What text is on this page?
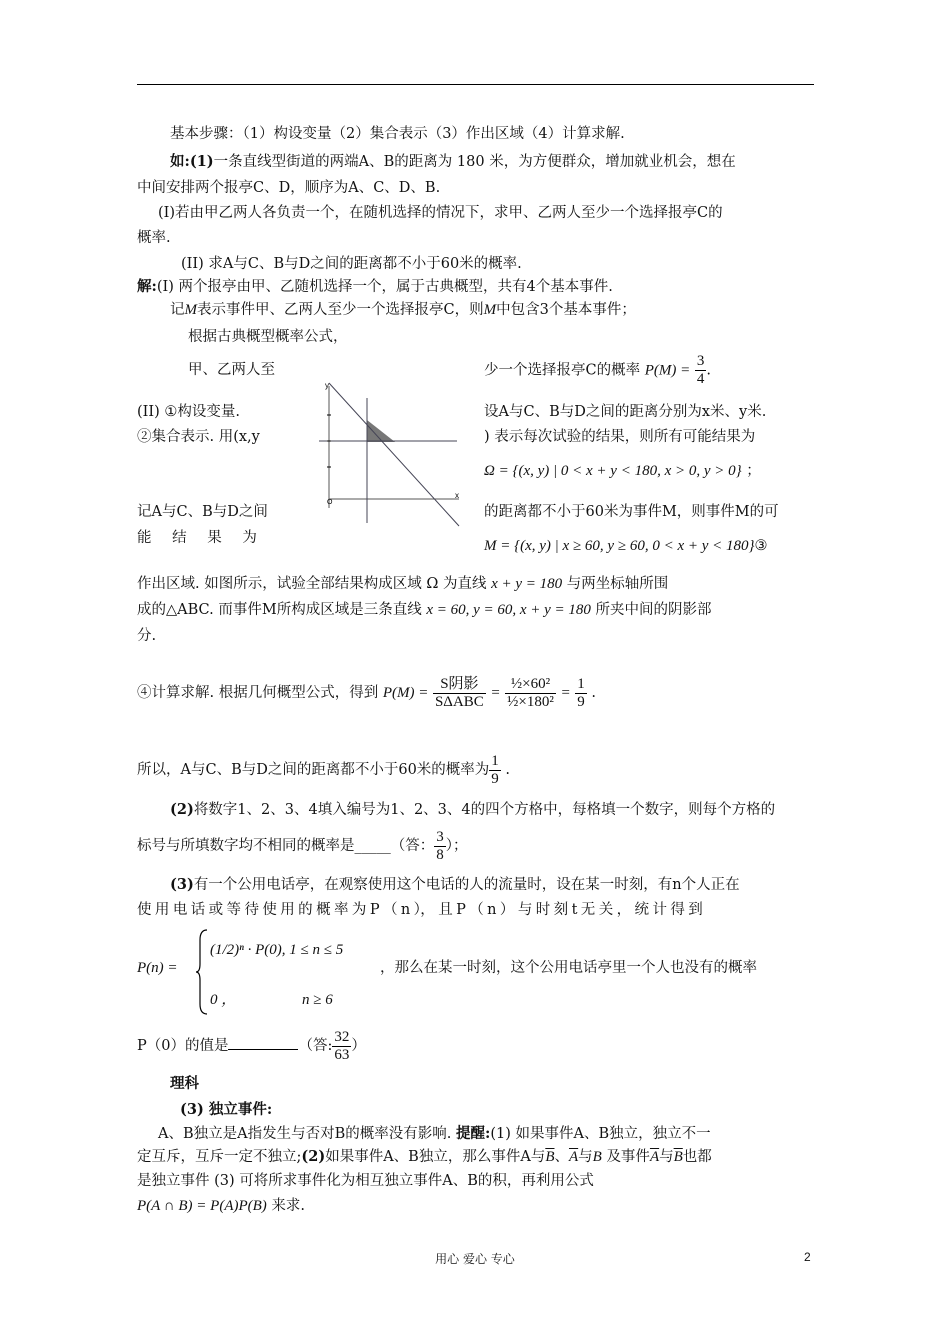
基本步骤：（1）构设变量（2）集合表示（3）作出区域（4）计算求解.
如:(1)一条直线型街道的两端A、B的距离为 180 米，为方便群众，增加就业机会，想在
中间安排两个报亭C、D，顺序为A、C、D、B.
(I)若由甲乙两人各负责一个，在随机选择的情况下，求甲、乙两人至少一个选择报亭C的
概率.
(II) 求A与C、B与D之间的距离都不小于60米的概率.
解:(I) 两个报亭由甲、乙随机选择一个，属于古典概型，共有4个基本事件.
记M表示事件甲、乙两人至少一个选择报亭C，则M中包含3个基本事件；
根据古典概型概率公式，
甲、乙两人至	少一个选择报亭C的概率 $P(M) = \frac{3}{4}$ .
y
x
O
(II) ①构设变量.	设A与C、B与D之间的距离分别为x米、y米.
②集合表示. 用(x,y	) 表示每次试验的结果，则所有可能结果为
Ω = {(x, y) | 0 < x + y < 180, x > 0, y > 0} ；
记A与C、B与D之间	的距离都不小于60米为事件M，则事件M的可
能 结 果 为	M = {(x, y) | x ≥ 60, y ≥ 60, 0 < x + y < 180}③
作出区域. 如图所示，试验全部结果构成区域 Ω 为直线 x + y = 180 与两坐标轴所围
成的△ABC. 而事件M所构成区域是三条直线 x = 60, y = 60, x + y = 180 所夹中间的阴影部
分.
④计算求解. 根据几何概型公式，得到 $P(M) = \frac{\text{S阴影}}{\text{SΔABC}} = \frac{\text{½×60²}}{\text{½×180²}} = \frac{1}{9}$ .
所以，A与C、B与D之间的距离都不小于60米的概率为 $\frac{1}{9}$ .
(2)将数字1、2、3、4填入编号为1、2、3、4的四个方格中，每格填一个数字，则每个方格的
标号与所填数字均不相同的概率是_____（答： $\frac{3}{8}$ ）；
(3)有一个公用电话亭，在观察使用这个电话的人的流量时，设在某一时刻，有n个人正在
使 用 电 话 或 等 待 使 用 的 概 率 为 P （ n ）， 且 P （ n ） 与 时 刻 t 无 关 ， 统 计 得 到
P(n) =
(1/2)ⁿ · P(0), 1 ≤ n ≤ 5
0 ，	n ≥ 6
，那么在某一时刻，这个公用电话亭里一个人也没有的概率
P（0）的值是	（答: $\frac{32}{63}$ ）
理科
(3) 独立事件:
A、B独立是A指发生与否对B的概率没有影响. 提醒:(1) 如果事件A、B独立，独立不一
定互斥，互斥一定不独立;(2)如果事件A、B独立，那么事件A与$\overline{B}$、$\overline{A}$与B 及事件$\overline{A}$与$\overline{B}$也都
是独立事件 (3) 可将所求事件化为相互独立事件A、B的积，再利用公式
P(A ∩ B) = P(A)P(B) 来求.
用心 爱心 专心	2
